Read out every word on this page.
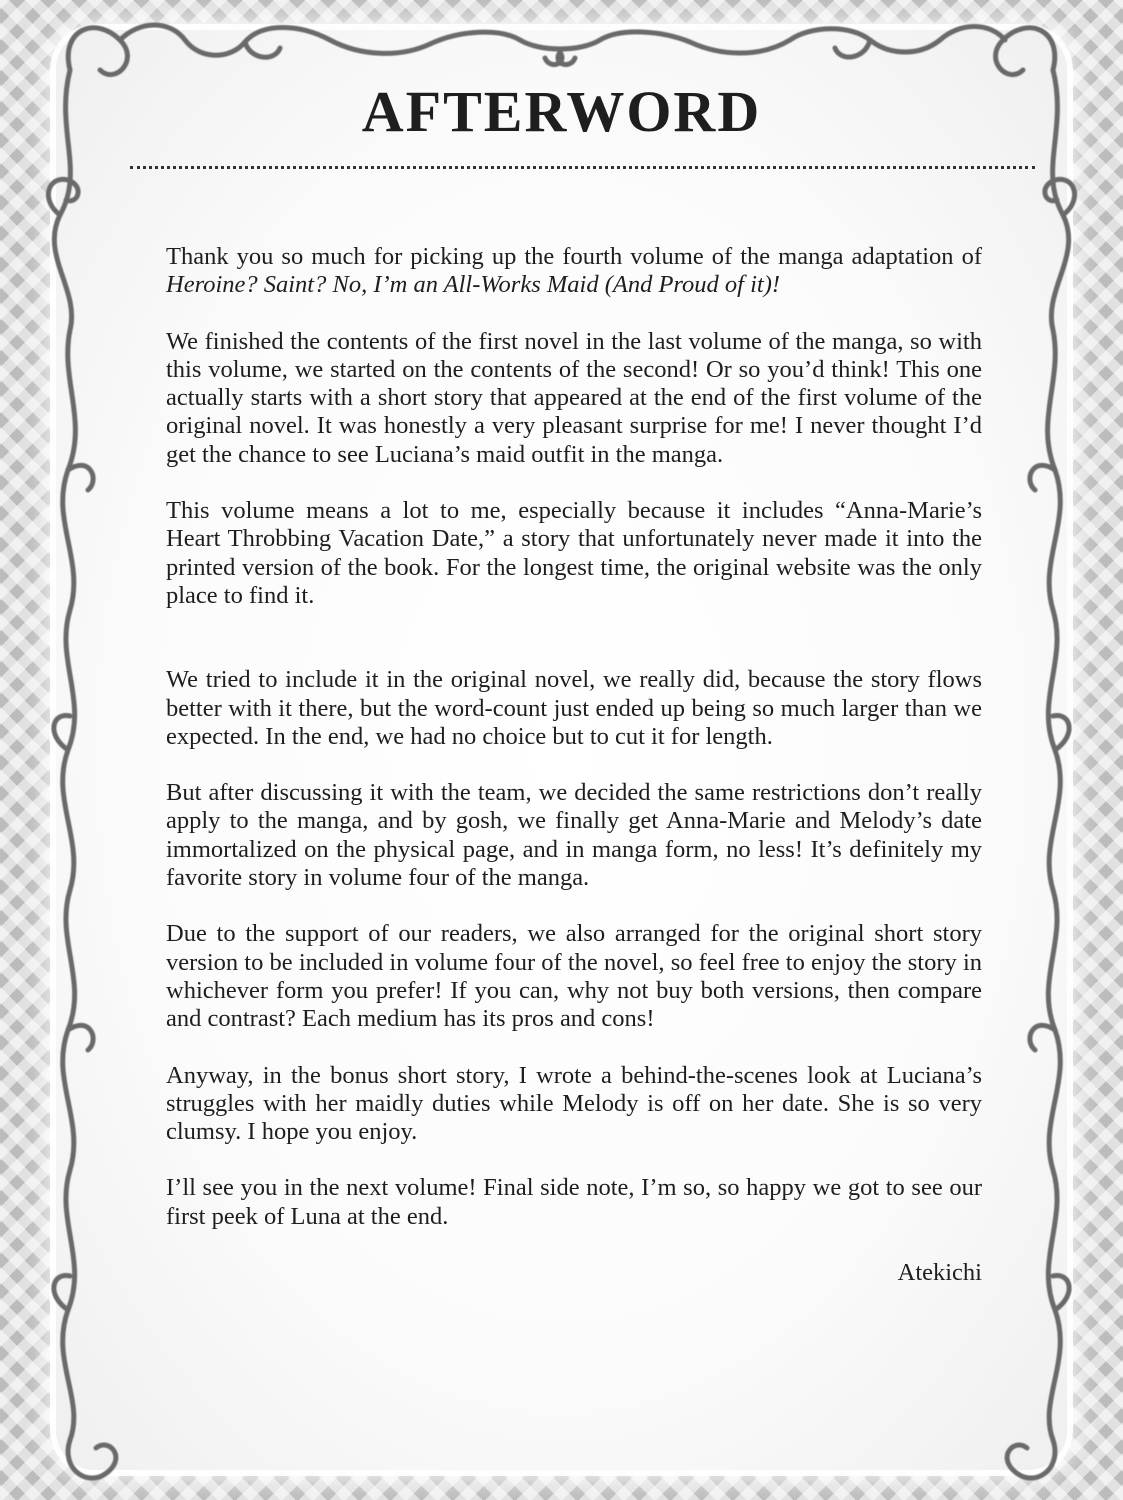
AFTERWORD

Thank you so much for picking up the fourth volume of the manga adaptation of Heroine? Saint? No, I’m an All-Works Maid (And Proud of it)!

We finished the contents of the first novel in the last volume of the manga, so with this volume, we started on the contents of the second! Or so you’d think! This one actually starts with a short story that appeared at the end of the first volume of the original novel. It was honestly a very pleasant surprise for me! I never thought I’d get the chance to see Luciana’s maid outfit in the manga.

This volume means a lot to me, especially because it includes “Anna-Marie’s Heart Throbbing Vacation Date,” a story that unfortunately never made it into the printed version of the book. For the longest time, the original website was the only place to find it.

We tried to include it in the original novel, we really did, because the story flows better with it there, but the word-count just ended up being so much larger than we expected. In the end, we had no choice but to cut it for length.

But after discussing it with the team, we decided the same restrictions don’t really apply to the manga, and by gosh, we finally get Anna-Marie and Melody’s date immortalized on the physical page, and in manga form, no less! It’s definitely my favorite story in volume four of the manga.

Due to the support of our readers, we also arranged for the original short story version to be included in volume four of the novel, so feel free to enjoy the story in whichever form you prefer! If you can, why not buy both versions, then compare and contrast? Each medium has its pros and cons!

Anyway, in the bonus short story, I wrote a behind-the-scenes look at Luciana’s struggles with her maidly duties while Melody is off on her date. She is so very clumsy. I hope you enjoy.

I’ll see you in the next volume! Final side note, I’m so, so happy we got to see our first peek of Luna at the end.

Atekichi
